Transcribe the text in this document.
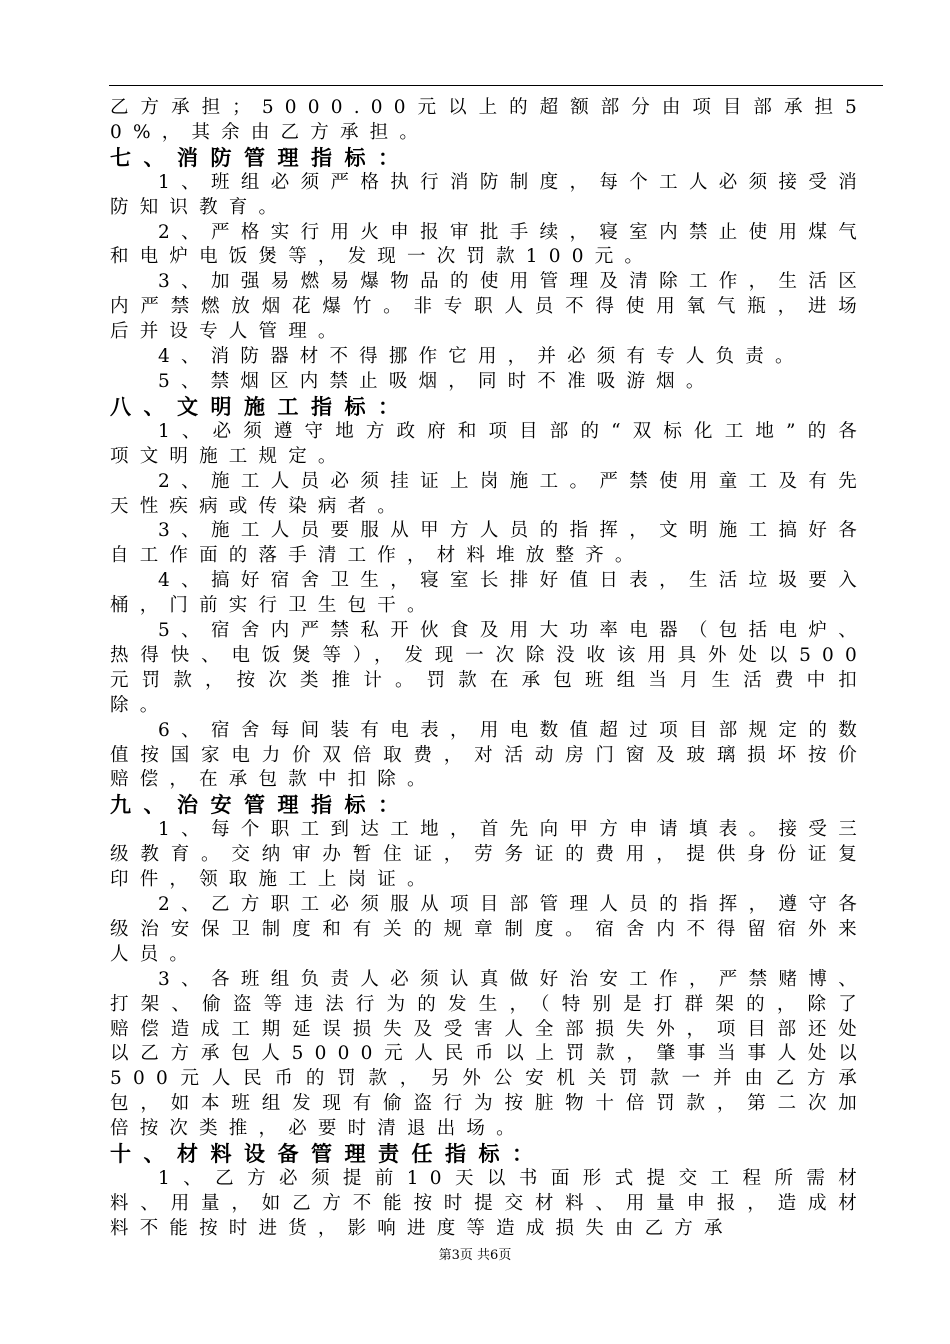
乙方承担；5000.00元以上的超额部分由项目部承担50%，其余由乙方承担。

七、消防管理指标：

1、班组必须严格执行消防制度，每个工人必须接受消防知识教育。

2、严格实行用火申报审批手续，寝室内禁止使用煤气和电炉电饭煲等，发现一次罚款100元。

3、加强易燃易爆物品的使用管理及清除工作，生活区内严禁燃放烟花爆竹。非专职人员不得使用氧气瓶，进场后并设专人管理。

4、消防器材不得挪作它用，并必须有专人负责。

5、禁烟区内禁止吸烟，同时不准吸游烟。

八、文明施工指标：

1、必须遵守地方政府和项目部的“双标化工地”的各项文明施工规定。

2、施工人员必须挂证上岗施工。严禁使用童工及有先天性疾病或传染病者。

3、施工人员要服从甲方人员的指挥，文明施工搞好各自工作面的落手清工作，材料堆放整齐。

4、搞好宿舍卫生，寝室长排好值日表，生活垃圾要入桶，门前实行卫生包干。

5、宿舍内严禁私开伙食及用大功率电器（包括电炉、热得快、电饭煲等），发现一次除没收该用具外处以500元罚款，按次类推计。罚款在承包班组当月生活费中扣除。

6、宿舍每间装有电表，用电数值超过项目部规定的数值按国家电力价双倍取费，对活动房门窗及玻璃损坏按价赔偿，在承包款中扣除。

九、治安管理指标：

1、每个职工到达工地，首先向甲方申请填表。接受三级教育。交纳审办暂住证，劳务证的费用，提供身份证复印件，领取施工上岗证。

2、乙方职工必须服从项目部管理人员的指挥，遵守各级治安保卫制度和有关的规章制度。宿舍内不得留宿外来人员。

3、各班组负责人必须认真做好治安工作，严禁赌博、打架、偷盗等违法行为的发生，（特别是打群架的，除了赔偿造成工期延误损失及受害人全部损失外，项目部还处以乙方承包人5000元人民币以上罚款，肇事当事人处以500元人民币的罚款，另外公安机关罚款一并由乙方承包，如本班组发现有偷盗行为按脏物十倍罚款，第二次加倍按次类推，必要时清退出场。

十、材料设备管理责任指标：

1、乙方必须提前10天以书面形式提交工程所需材料、用量，如乙方不能按时提交材料、用量申报，造成材料不能按时进货，影响进度等造成损失由乙方承

第3页 共6页
